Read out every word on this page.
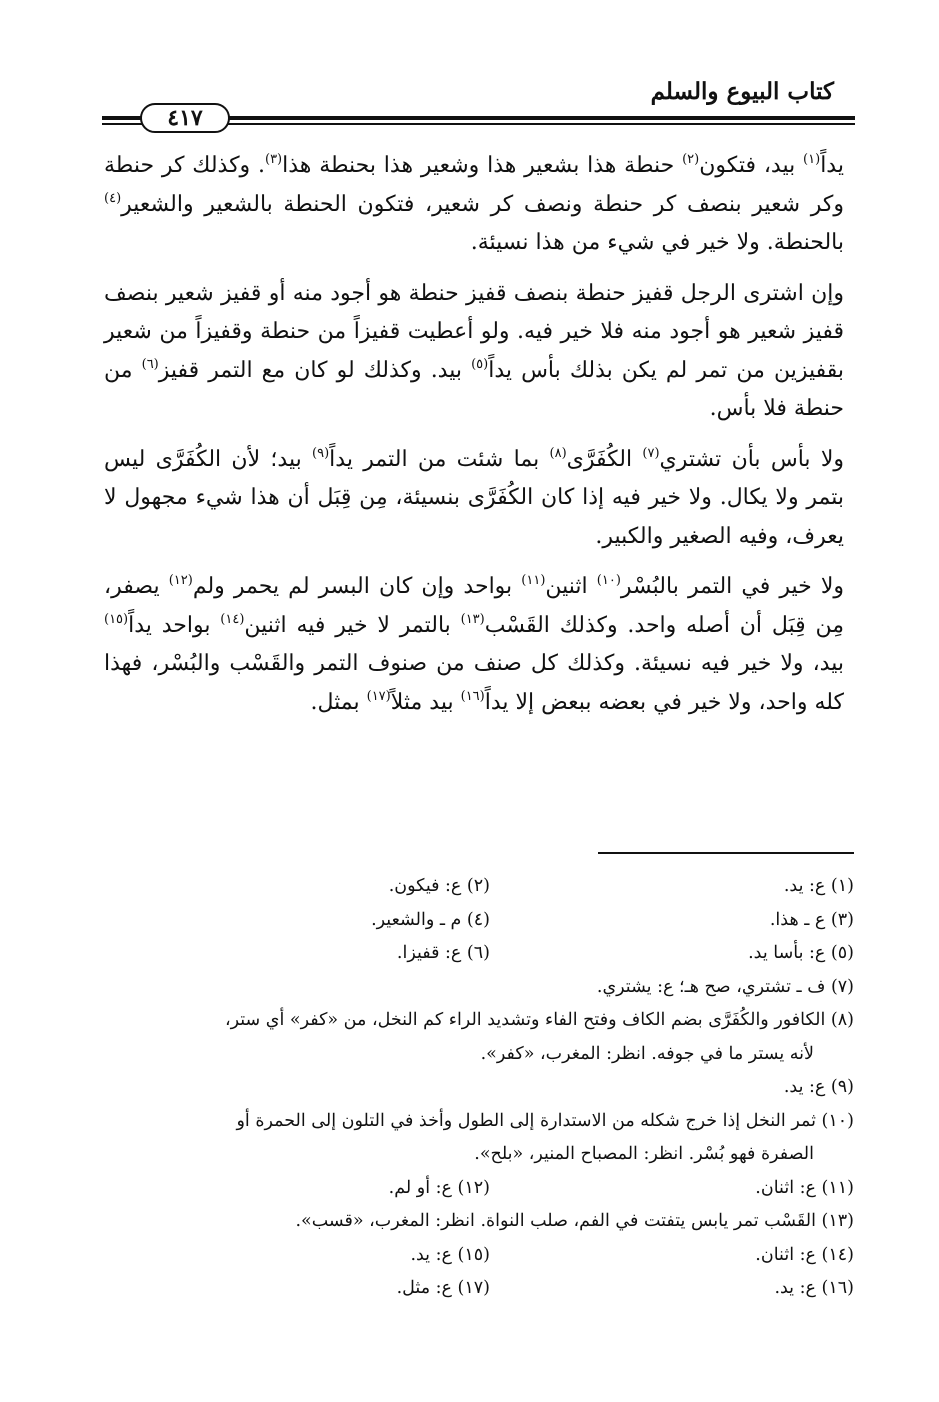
كتاب البيوع والسلم
٤١٧

يداً$^{(١)}$ بيد، فتكون$^{(٢)}$ حنطة هذا بشعير هذا وشعير هذا بحنطة هذا$^{(٣)}$. وكذلك كر حنطة وكر شعير بنصف كر حنطة ونصف كر شعير، فتكون الحنطة بالشعير والشعير$^{(٤)}$ بالحنطة. ولا خير في شيء من هذا نسيئة.

وإن اشترى الرجل قفيز حنطة بنصف قفيز حنطة هو أجود منه أو قفيز شعير بنصف قفيز شعير هو أجود منه فلا خير فيه. ولو أعطيت قفيزاً من حنطة وقفيزاً من شعير بقفيزين من تمر لم يكن بذلك بأس يداً$^{(٥)}$ بيد. وكذلك لو كان مع التمر قفيز$^{(٦)}$ من حنطة فلا بأس.

ولا بأس بأن تشتري$^{(٧)}$ الكُفَرَّى$^{(٨)}$ بما شئت من التمر يداً$^{(٩)}$ بيد؛ لأن الكُفَرَّى ليس بتمر ولا يكال. ولا خير فيه إذا كان الكُفَرَّى بنسيئة، مِن قِبَل أن هذا شيء مجهول لا يعرف، وفيه الصغير والكبير.

ولا خير في التمر بالبُسْر$^{(١٠)}$ اثنين$^{(١١)}$ بواحد وإن كان البسر لم يحمر ولم$^{(١٢)}$ يصفر، مِن قِبَل أن أصله واحد. وكذلك القَسْب$^{(١٣)}$ بالتمر لا خير فيه اثنين$^{(١٤)}$ بواحد يداً$^{(١٥)}$ بيد، ولا خير فيه نسيئة. وكذلك كل صنف من صنوف التمر والقَسْب والبُسْر، فهذا كله واحد، ولا خير في بعضه ببعض إلا يداً$^{(١٦)}$ بيد مثلاً$^{(١٧)}$ بمثل.

(١) ع: يد.
(٢) ع: فيكون.
(٣) ع ـ هذا.
(٤) م ـ والشعير.
(٥) ع: بأسا يد.
(٦) ع: قفيزا.
(٧) ف ـ تشتري، صح هـ؛ ع: يشتري.
(٨) الكافور والكُفَرَّى بضم الكاف وفتح الفاء وتشديد الراء كم النخل، من «كفر» أي ستر،
لأنه يستر ما في جوفه. انظر: المغرب، «كفر».
(٩) ع: يد.
(١٠) ثمر النخل إذا خرج شكله من الاستدارة إلى الطول وأخذ في التلون إلى الحمرة أو
الصفرة فهو بُسْر. انظر: المصباح المنير، «بلح».
(١١) ع: اثنان.
(١٢) ع: أو لم.
(١٣) القَسْب تمر يابس يتفتت في الفم، صلب النواة. انظر: المغرب، «قسب».
(١٤) ع: اثنان.
(١٥) ع: يد.
(١٦) ع: يد.
(١٧) ع: مثل.
